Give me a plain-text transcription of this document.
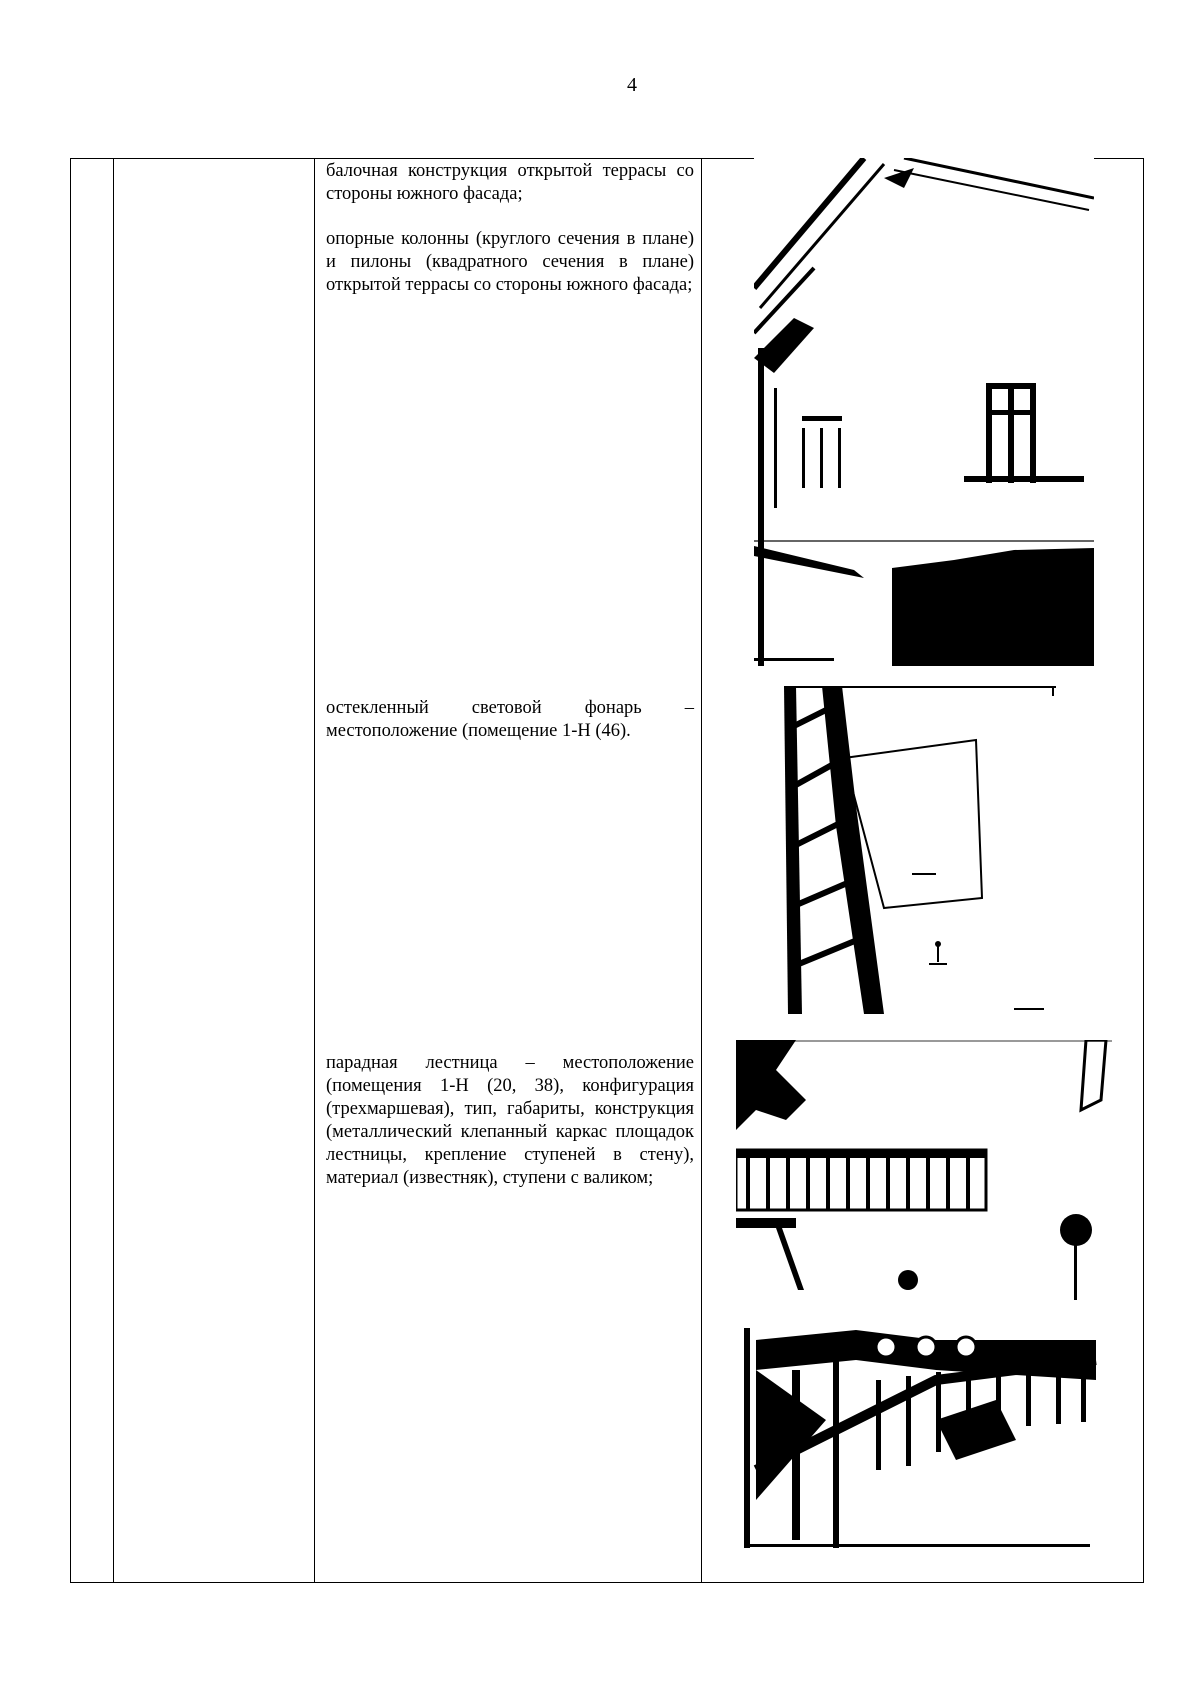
4

балочная конструкция открытой террасы со стороны южного фасада;

опорные колонны (круглого сечения в плане) и пилоны (квадратного сечения в плане) открытой террасы со стороны южного фасада;

остекленный световой фонарь – местоположение (помещение 1-Н (46).

парадная лестница – местоположение (помещения 1-Н (20, 38), конфигурация (трехмаршевая), тип, габариты, конструкция (металлический клепанный каркас площадок лестницы, крепление ступеней в стену), материал (известняк), ступени с валиком;
